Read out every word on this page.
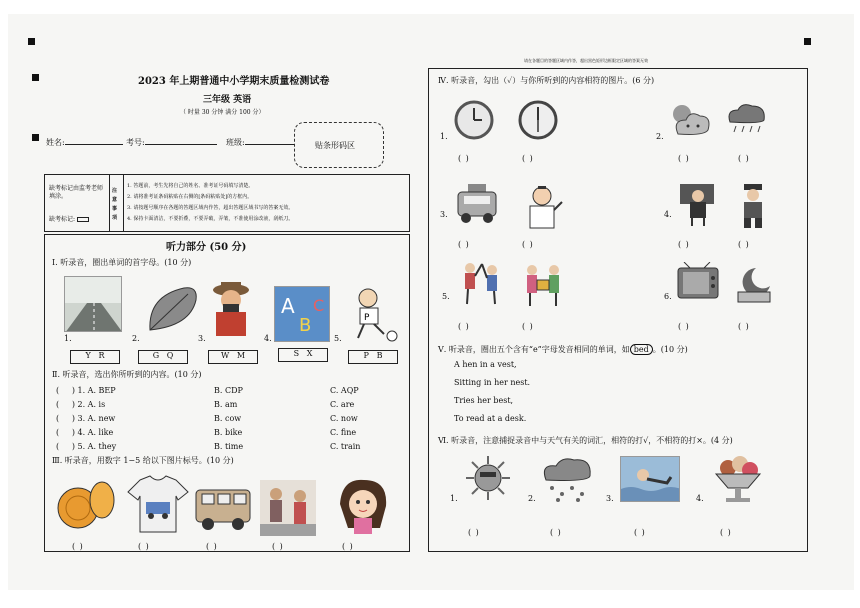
2023 年上期普通中小学期末质量检测试卷
三年级 英语
（ 时量 30 分钟 满分 100 分）
姓名:	考号:	班级:	贴条形码区
缺考标记由监考老师填涂。
缺考标记:
注意事项
1. 答题前，考生先将自己的姓名、准考证号码填写清楚。
2. 请将准考证条码粘贴在右侧的[条码粘贴处]的方框内。
3. 请按题号顺序在各题的答题区域内作答，超出答题区域书写的答案无效。
4. 保持卡面清洁，不要折叠，不要弄破，弄皱，不准使用涂改液，刮纸刀。
听力部分 (50 分)
Ⅰ. 听录音，圈出单词的首字母。(10 分)
A
B
C
P
1.	2.	3.	4.	5.
Y R	G Q	W M	S X	P B
Ⅱ. 听录音，选出你所听到的内容。(10 分)
( ) 1. A. BEP	B. CDP	C. AQP
( ) 2. A. is	B. am	C. are
( ) 3. A. new	B. cow	C. now
( ) 4. A. like	B. bike	C. fine
( ) 5. A. they	B. time	C. train
Ⅲ. 听录音，用数字 1−5 给以下图片标号。(10 分)
( )	( )	( )	( )	( )
请在各题目的答题区域内作答，超出黑色矩形边框限定区域的答案无效
Ⅳ. 听录音，勾出（✓）与你所听到的内容相符的图片。(6 分)
1.
( )	( )
2.
( )	( )
3.
( )	( )
4.
( )	( )
5.
( )	( )
6.
( )	( )
Ⅴ. 听录音，圈出五个含有“e”字母发音相同的单词，如 bed 。(10 分)
A hen in a vest,
Sitting in her nest.
Tries her best,
To read at a desk.
Ⅵ. 听录音，注意捕捉录音中与天气有关的词汇，相符的打√，不相符的打×。(4 分)
1.	2.	3.	4.
( )	( )	( )	( )
